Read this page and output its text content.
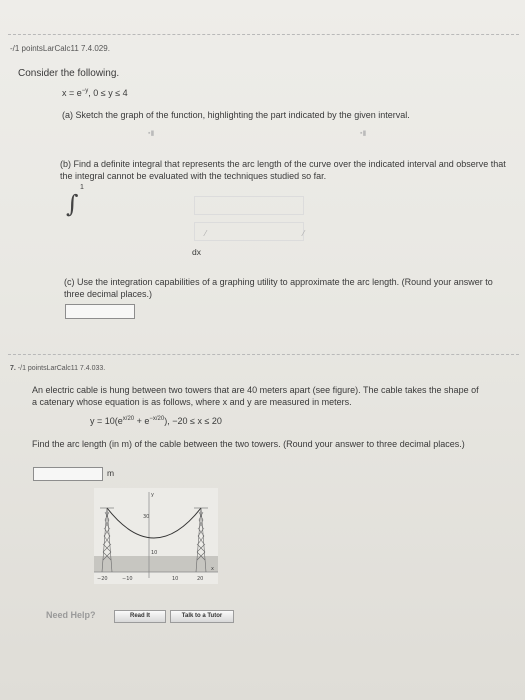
-/1 pointsLarCalc11 7.4.029.
Consider the following.
$x = e^{-y}$, 0 ≤ y ≤ 4
(a) Sketch the graph of the function, highlighting the part indicated by the given interval.
▪▮	▪▮
(b) Find a definite integral that represents the arc length of the curve over the indicated interval and observe that the integral cannot be evaluated with the techniques studied so far.
∫
1
⁄	⁄
dx
(c) Use the integration capabilities of a graphing utility to approximate the arc length. (Round your answer to three decimal places.)
7. -/1 pointsLarCalc11 7.4.033.
An electric cable is hung between two towers that are 40 meters apart (see figure). The cable takes the shape of a catenary whose equation is as follows, where x and y are measured in meters.
$y = 10(e^{x/20} + e^{-x/20})$, −20 ≤ x ≤ 20
Find the arc length (in m) of the cable between the two towers. (Round your answer to three decimal places.)
m
30
10
y
x
−20	−10	10	20
Need Help?	Read It	Talk to a Tutor
